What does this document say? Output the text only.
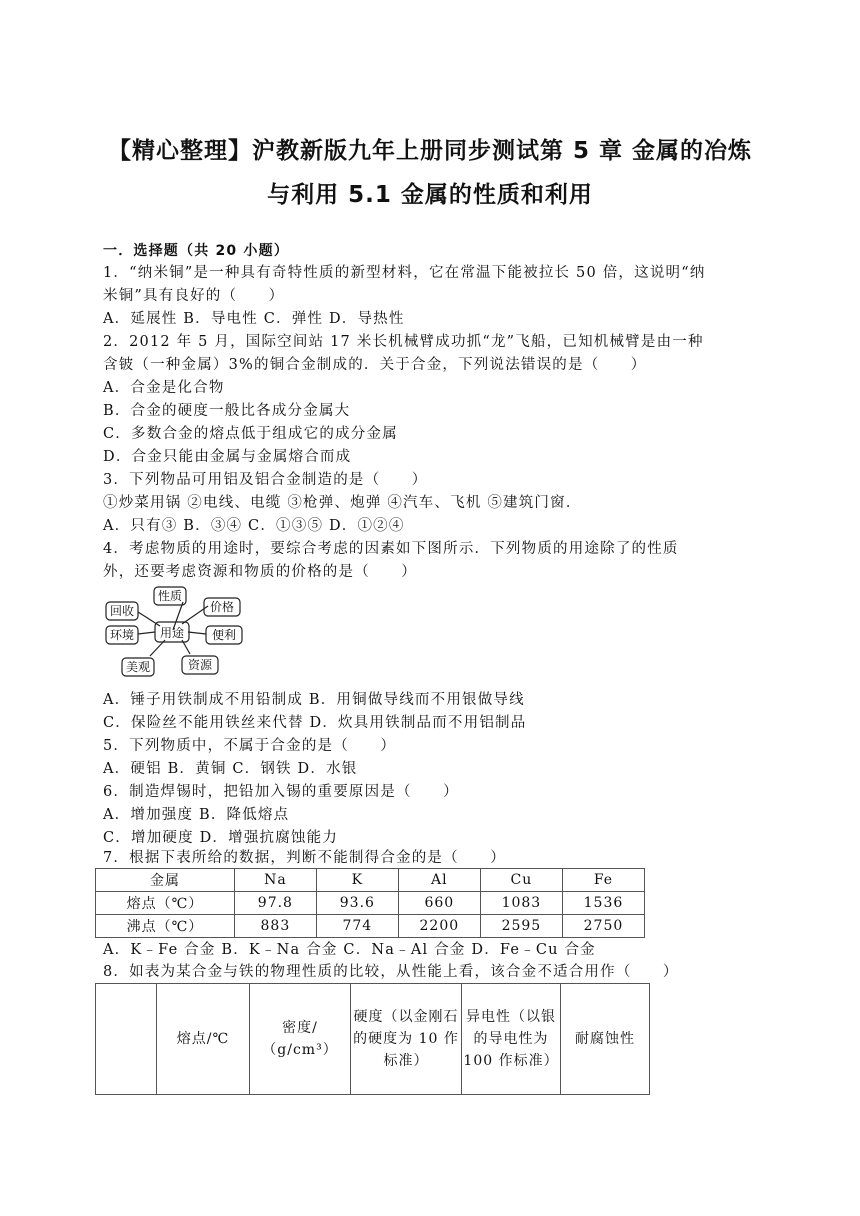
【精心整理】沪教新版九年上册同步测试第 5 章 金属的冶炼
与利用 5.1 金属的性质和利用
一．选择题（共 20 小题）
1．“纳米铜”是一种具有奇特性质的新型材料，它在常温下能被拉长 50 倍，这说明“纳
米铜”具有良好的（　　）
A．延展性 B．导电性 C．弹性 D．导热性
2．2012 年 5 月，国际空间站 17 米长机械臂成功抓“龙”飞船，已知机械臂是由一种
含铍（一种金属）3%的铜合金制成的．关于合金，下列说法错误的是（　　）
A．合金是化合物
B．合金的硬度一般比各成分金属大
C．多数合金的熔点低于组成它的成分金属
D．合金只能由金属与金属熔合而成
3．下列物品可用铝及铝合金制造的是（　　）
①炒菜用锅 ②电线、电缆 ③枪弹、炮弹 ④汽车、飞机 ⑤建筑门窗．
A．只有③ B．③④ C．①③⑤ D．①②④
4．考虑物质的用途时，要综合考虑的因素如下图所示．下列物质的用途除了的性质
外，还要考虑资源和物质的价格的是（　　）
用途
性质
价格
便利
资源
美观
环境
回收
A．锤子用铁制成不用铅制成 B．用铜做导线而不用银做导线
C．保险丝不能用铁丝来代替 D．炊具用铁制品而不用铝制品
5．下列物质中，不属于合金的是（　　）
A．硬铝 B．黄铜 C．钢铁 D．水银
6．制造焊锡时，把铅加入锡的重要原因是（　　）
A．增加强度 B．降低熔点
C．增加硬度 D．增强抗腐蚀能力
7．根据下表所给的数据，判断不能制得合金的是（　　）
金属	Na	K	Al	Cu	Fe
熔点（℃）	97.8	93.6	660	1083	1536
沸点（℃）	883	774	2200	2595	2750
A．K﹣Fe 合金 B．K﹣Na 合金 C．Na﹣Al 合金 D．Fe﹣Cu 合金
8．如表为某合金与铁的物理性质的比较，从性能上看，该合金不适合用作（　　）
	熔点/℃	密度/（g/cm³）	硬度（以金刚石的硬度为 10 作标准）	异电性（以银的导电性为 100 作标准）	耐腐蚀性
